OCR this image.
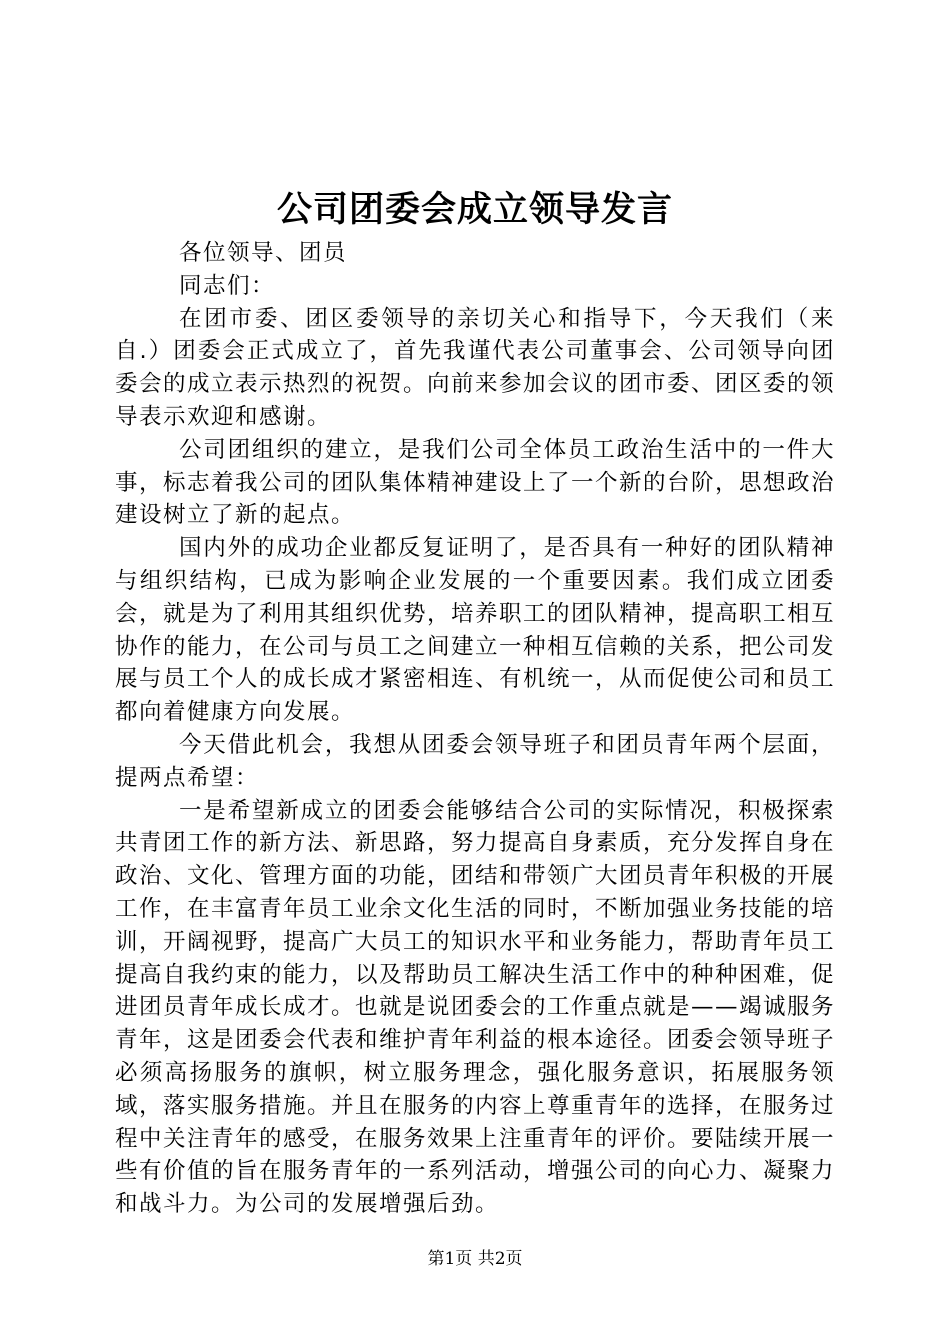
公司团委会成立领导发言

各位领导、团员

同志们：

在团市委、团区委领导的亲切关心和指导下，今天我们（来自.）团委会正式成立了，首先我谨代表公司董事会、公司领导向团委会的成立表示热烈的祝贺。向前来参加会议的团市委、团区委的领导表示欢迎和感谢。

公司团组织的建立，是我们公司全体员工政治生活中的一件大事，标志着我公司的团队集体精神建设上了一个新的台阶，思想政治建设树立了新的起点。

国内外的成功企业都反复证明了，是否具有一种好的团队精神与组织结构，已成为影响企业发展的一个重要因素。我们成立团委会，就是为了利用其组织优势，培养职工的团队精神，提高职工相互协作的能力，在公司与员工之间建立一种相互信赖的关系，把公司发展与员工个人的成长成才紧密相连、有机统一，从而促使公司和员工都向着健康方向发展。

今天借此机会，我想从团委会领导班子和团员青年两个层面，提两点希望：

一是希望新成立的团委会能够结合公司的实际情况，积极探索共青团工作的新方法、新思路，努力提高自身素质，充分发挥自身在政治、文化、管理方面的功能，团结和带领广大团员青年积极的开展工作，在丰富青年员工业余文化生活的同时，不断加强业务技能的培训，开阔视野，提高广大员工的知识水平和业务能力，帮助青年员工提高自我约束的能力，以及帮助员工解决生活工作中的种种困难，促进团员青年成长成才。也就是说团委会的工作重点就是——竭诚服务青年，这是团委会代表和维护青年利益的根本途径。团委会领导班子必须高扬服务的旗帜，树立服务理念，强化服务意识，拓展服务领域，落实服务措施。并且在服务的内容上尊重青年的选择，在服务过程中关注青年的感受，在服务效果上注重青年的评价。要陆续开展一些有价值的旨在服务青年的一系列活动，增强公司的向心力、凝聚力和战斗力。为公司的发展增强后劲。

第1页 共2页
